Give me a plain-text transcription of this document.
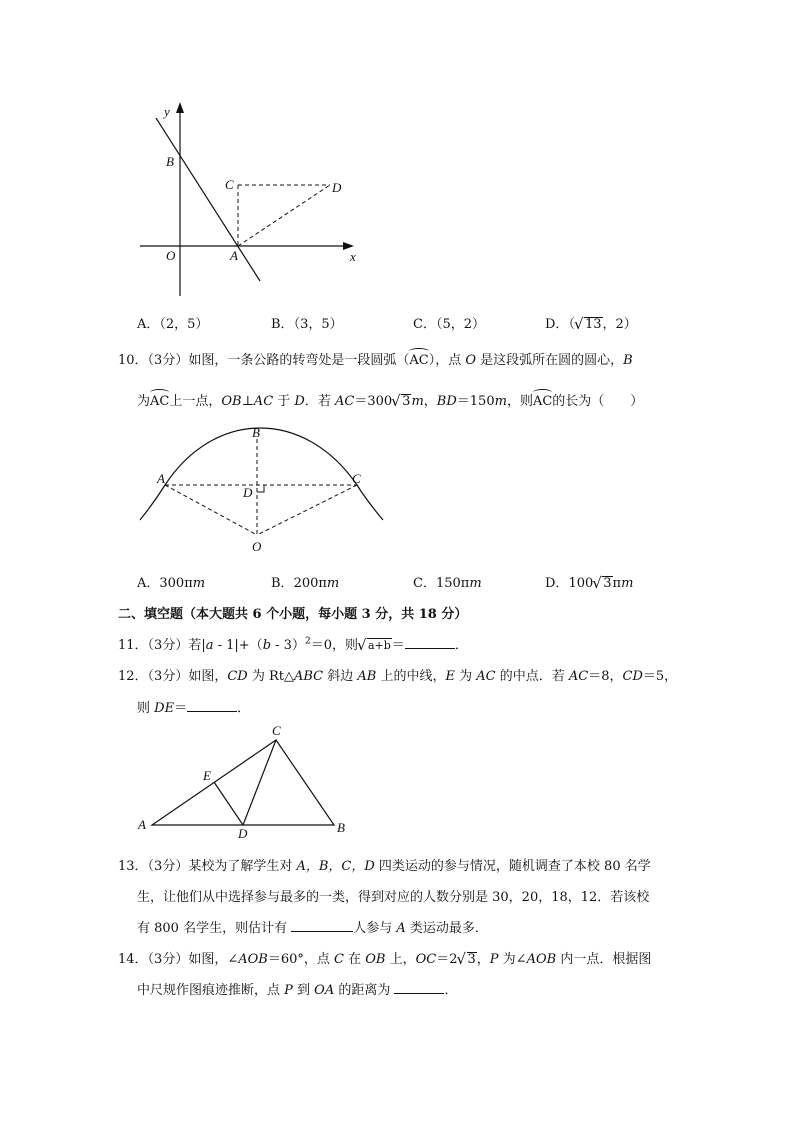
y
x
O	A
B
C	D
A．（2，5）	B．（3，5）	C．（5，2）	D．（ √ 13，2）
10．（3分）如图，一条公路的转弯处是一段圆弧（AC），点 O 是这段弧所在圆的圆心，B
为AC上一点，OB⊥AC 于 D．若 AC＝300 √ 3m，BD＝150m，则AC的长为（　　）
B
A	C
D
O
A．300πm	B．200πm	C．150πm	D．100 √ 3πm
二、填空题（本大题共 6 个小题，每小题 3 分，共 18 分）
11．（3分）若|a - 1|+（b - 3）$^2$＝0，则 √ a+b＝	．
12．（3分）如图，CD 为 Rt△ABC 斜边 AB 上的中线，E 为 AC 的中点．若 AC＝8，CD＝5，
则 DE＝	．
A	B
C
D
E
13．（3分）某校为了解学生对 A，B，C，D 四类运动的参与情况，随机调查了本校 80 名学
生，让他们从中选择参与最多的一类，得到对应的人数分别是 30，20，18，12．若该校
有 800 名学生，则估计有	人参与 A 类运动最多．
14．（3分）如图，∠AOB＝60°，点 C 在 OB 上，OC＝2 √ 3，P 为∠AOB 内一点．根据图
中尺规作图痕迹推断，点 P 到 OA 的距离为	．
